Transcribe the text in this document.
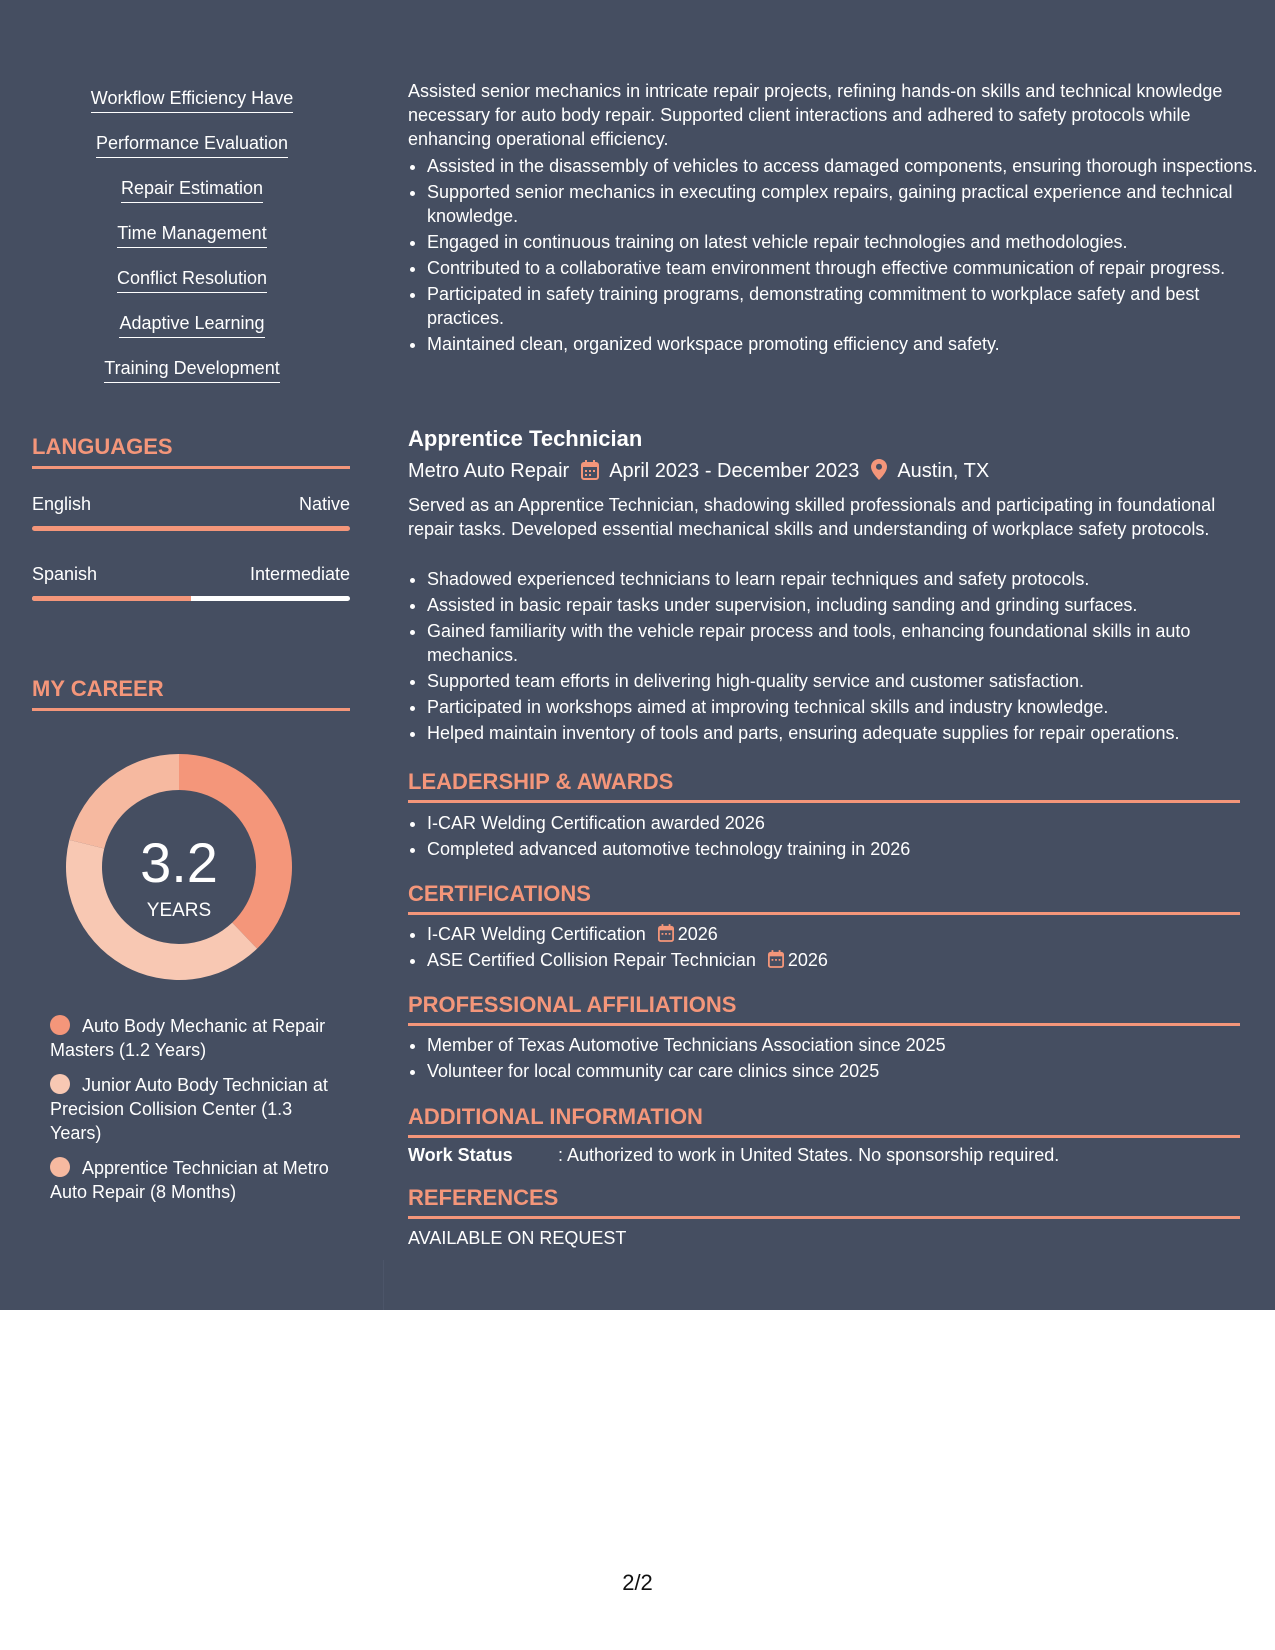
Workflow Efficiency Have
Performance Evaluation
Repair Estimation
Time Management
Conflict Resolution
Adaptive Learning
Training Development
LANGUAGES
English	Native
Spanish	Intermediate
MY CAREER
3.2
YEARS
Auto Body Mechanic at Repair Masters (1.2 Years)
Junior Auto Body Technician at Precision Collision Center (1.3 Years)
Apprentice Technician at Metro Auto Repair (8 Months)

Assisted senior mechanics in intricate repair projects, refining hands-on skills and technical knowledge necessary for auto body repair. Supported client interactions and adhered to safety protocols while enhancing operational efficiency.

• Assisted in the disassembly of vehicles to access damaged components, ensuring thorough inspections.
• Supported senior mechanics in executing complex repairs, gaining practical experience and technical knowledge.
• Engaged in continuous training on latest vehicle repair technologies and methodologies.
• Contributed to a collaborative team environment through effective communication of repair progress.
• Participated in safety training programs, demonstrating commitment to workplace safety and best practices.
• Maintained clean, organized workspace promoting efficiency and safety.
Apprentice Technician
Metro Auto Repair April 2023 - December 2023 Austin, TX

Served as an Apprentice Technician, shadowing skilled professionals and participating in foundational repair tasks. Developed essential mechanical skills and understanding of workplace safety protocols.

• Shadowed experienced technicians to learn repair techniques and safety protocols.
• Assisted in basic repair tasks under supervision, including sanding and grinding surfaces.
• Gained familiarity with the vehicle repair process and tools, enhancing foundational skills in auto mechanics.
• Supported team efforts in delivering high-quality service and customer satisfaction.
• Participated in workshops aimed at improving technical skills and industry knowledge.
• Helped maintain inventory of tools and parts, ensuring adequate supplies for repair operations.
LEADERSHIP & AWARDS
• I-CAR Welding Certification awarded 2026
• Completed advanced automotive technology training in 2026
CERTIFICATIONS
• I-CAR Welding Certification 2026
• ASE Certified Collision Repair Technician 2026
PROFESSIONAL AFFILIATIONS
• Member of Texas Automotive Technicians Association since 2025
• Volunteer for local community car care clinics since 2025
ADDITIONAL INFORMATION
Work Status	: Authorized to work in United States. No sponsorship required.
REFERENCES
AVAILABLE ON REQUEST
2/2
